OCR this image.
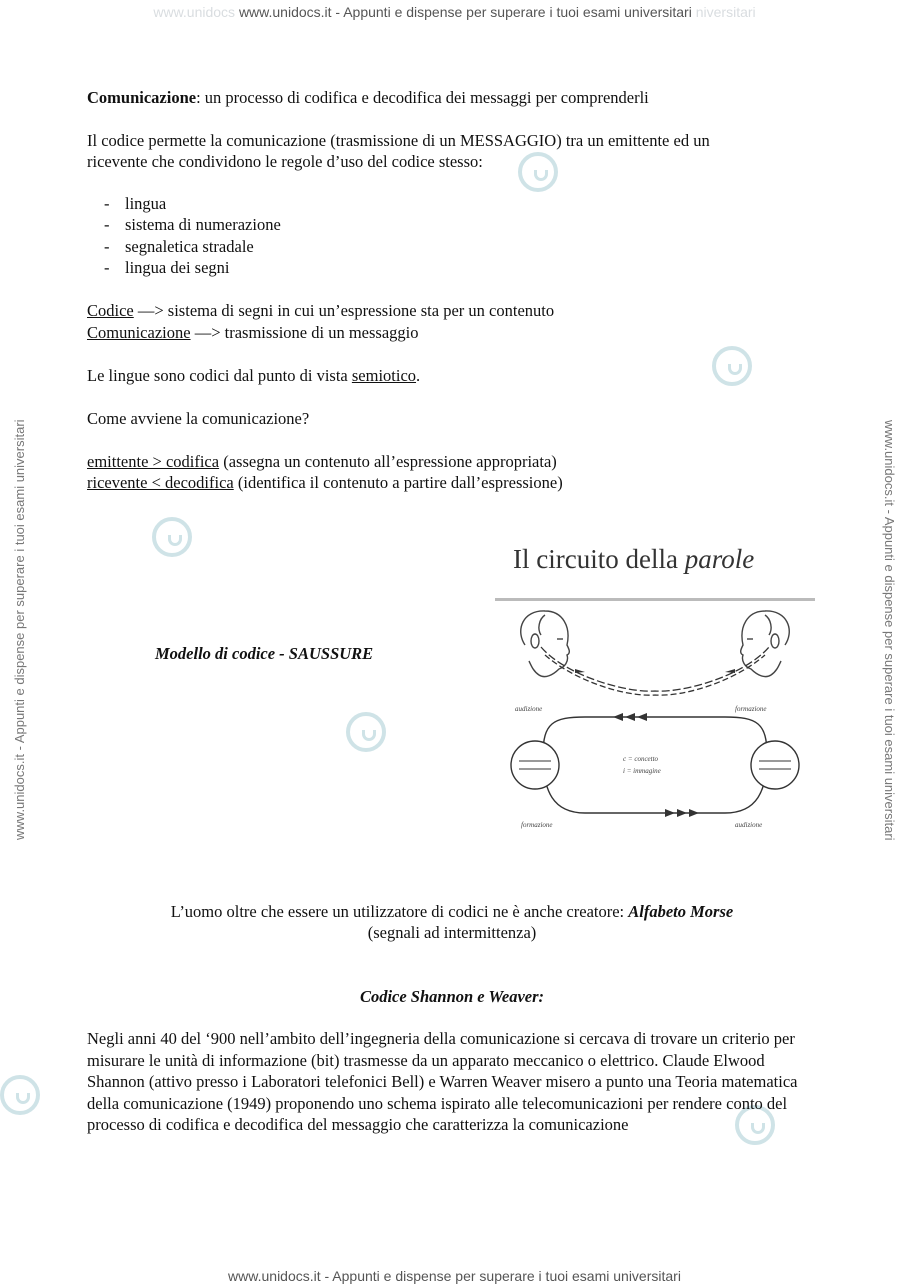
www.unidocs www.unidocs.it - Appunti e dispense per superare i tuoi esami universitari niversitari
www.unidocs.it - Appunti e dispense per superare i tuoi esami universitari
www.unidocs.it - Appunti e dispense per superare i tuoi esami universitari	www.unidocs.it - Appunti e dispense per superare i tuoi esami universitari
Comunicazione: un processo di codifica e decodifica dei messaggi per comprenderli
Il codice permette la comunicazione (trasmissione di un MESSAGGIO) tra un emittente ed un
ricevente che condividono le regole d’uso del codice stesso:
- lingua
- sistema di numerazione
- segnaletica stradale
- lingua dei segni
Codice —> sistema di segni in cui un’espressione sta per un contenuto
Comunicazione —> trasmissione di un messaggio
Le lingue sono codici dal punto di vista semiotico.
Come avviene la comunicazione?
emittente > codifica (assegna un contenuto all’espressione appropriata)
ricevente < decodifica (identifica il contenuto a partire dall’espressione)
Modello di codice - SAUSSURE
Il circuito della parole
audizione	formazione
c = concetto
i = immagine
formazione	audizione
L’uomo oltre che essere un utilizzatore di codici ne è anche creatore: Alfabeto Morse
(segnali ad intermittenza)
Codice Shannon e Weaver:
Negli anni 40 del ‘900 nell’ambito dell’ingegneria della comunicazione si cercava di trovare un criterio per misurare le unità di informazione (bit) trasmesse da un apparato meccanico o elettrico. Claude Elwood Shannon (attivo presso i Laboratori telefonici Bell) e Warren Weaver misero a punto una Teoria matematica della comunicazione (1949) proponendo uno schema ispirato alle telecomunicazioni per rendere conto del processo di codifica e decodifica del messaggio che caratterizza la comunicazione
